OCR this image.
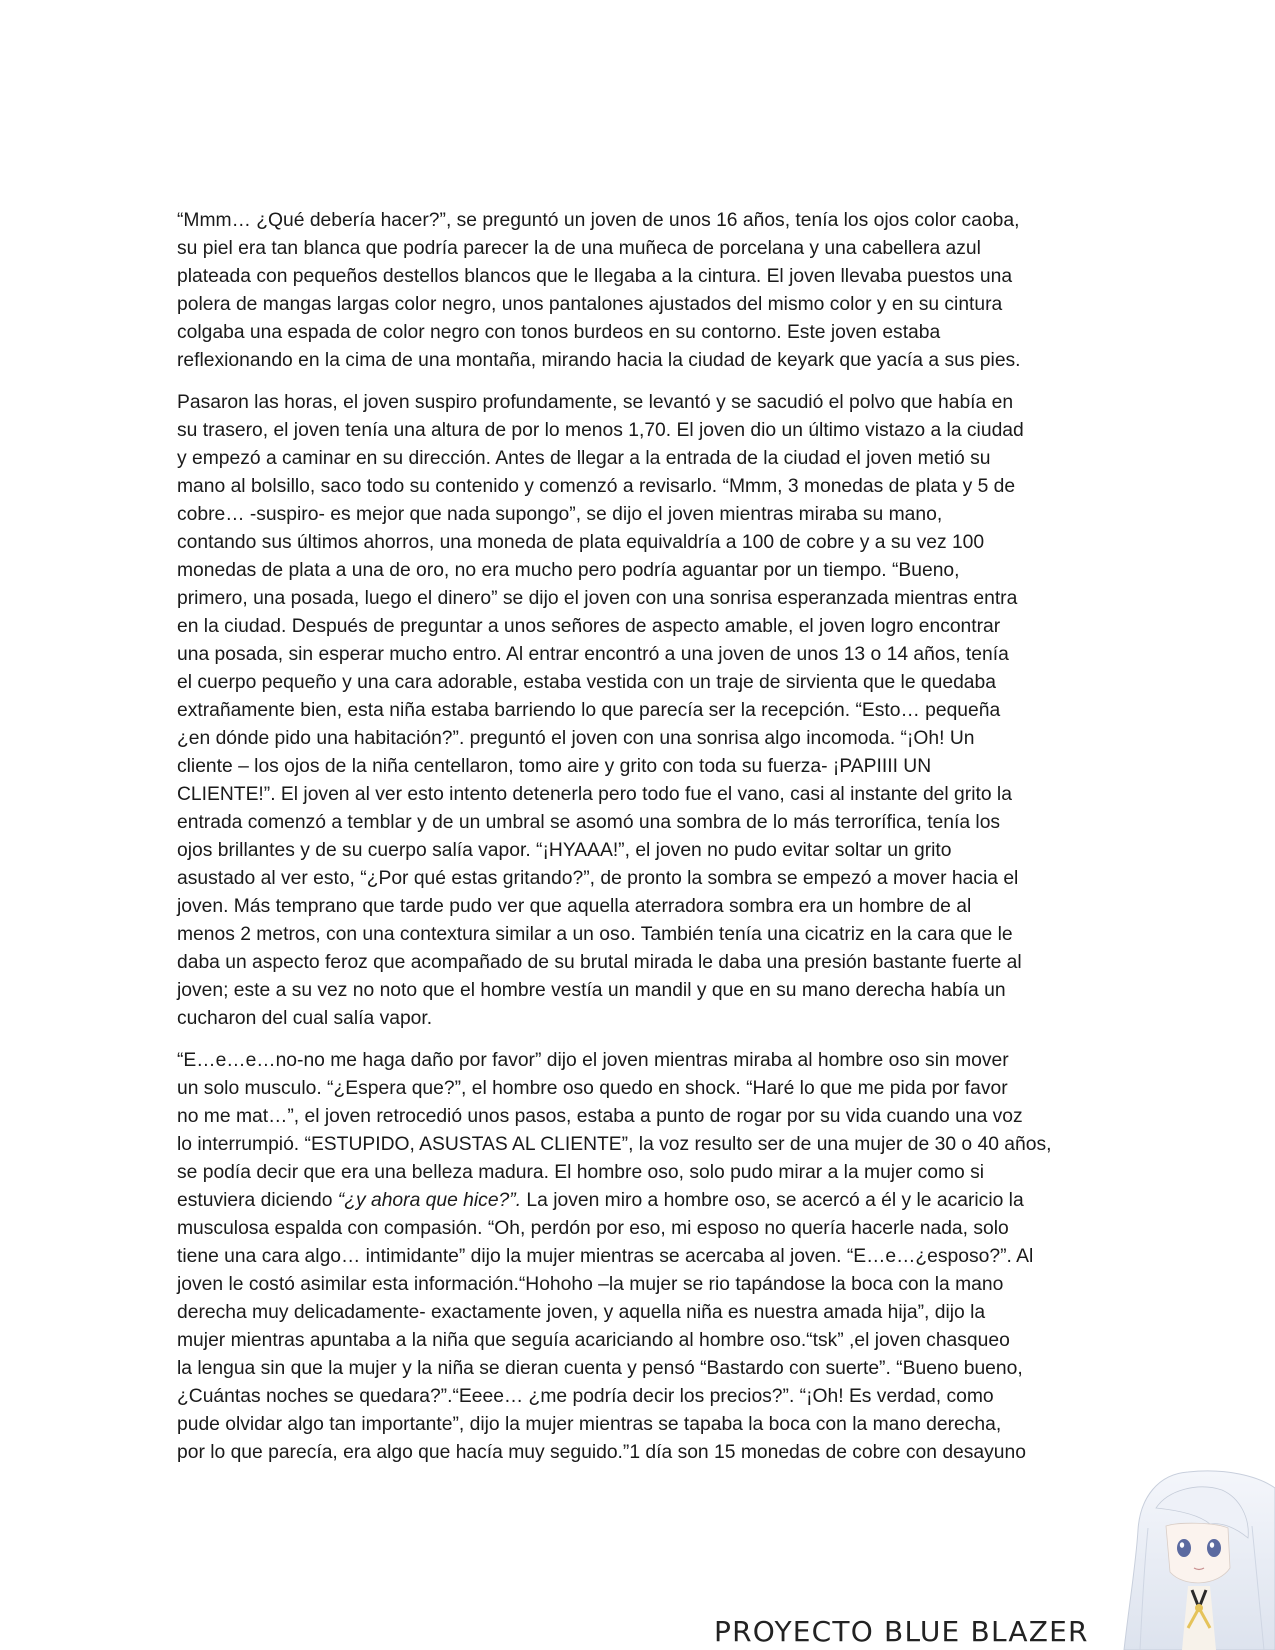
“Mmm… ¿Qué debería hacer?”, se preguntó un joven de unos 16 años, tenía los ojos color caoba,
su piel era tan blanca que podría parecer la de una muñeca de porcelana y una cabellera azul
plateada con pequeños destellos blancos que le llegaba a la cintura. El joven llevaba puestos una
polera de mangas largas color negro, unos pantalones ajustados del mismo color y en su cintura
colgaba una espada de color negro con tonos burdeos en su contorno. Este joven estaba
reflexionando en la cima de una montaña, mirando hacia la ciudad de keyark que yacía a sus pies.
Pasaron las horas, el joven suspiro profundamente, se levantó y se sacudió el polvo que había en
su trasero, el joven tenía una altura de por lo menos 1,70. El joven dio un último vistazo a la ciudad
y empezó a caminar en su dirección. Antes de llegar a la entrada de la ciudad el joven metió su
mano al bolsillo, saco todo su contenido y comenzó a revisarlo. “Mmm, 3 monedas de plata y 5 de
cobre… -suspiro- es mejor que nada supongo”, se dijo el joven mientras miraba su mano,
contando sus últimos ahorros, una moneda de plata equivaldría a 100 de cobre y a su vez 100
monedas de plata a una de oro, no era mucho pero podría aguantar por un tiempo. “Bueno,
primero, una posada, luego el dinero” se dijo el joven con una sonrisa esperanzada mientras entra
en la ciudad. Después de preguntar a unos señores de aspecto amable, el joven logro encontrar
una posada, sin esperar mucho entro. Al entrar encontró a una joven de unos 13 o 14 años, tenía
el cuerpo pequeño y una cara adorable, estaba vestida con un traje de sirvienta que le quedaba
extrañamente bien, esta niña estaba barriendo lo que parecía ser la recepción. “Esto… pequeña
¿en dónde pido una habitación?”. preguntó el joven con una sonrisa algo incomoda. “¡Oh! Un
cliente – los ojos de la niña centellaron, tomo aire y grito con toda su fuerza- ¡PAPIIII UN
CLIENTE!”. El joven al ver esto intento detenerla pero todo fue el vano, casi al instante del grito la
entrada comenzó a temblar y de un umbral se asomó una sombra de lo más terrorífica, tenía los
ojos brillantes y de su cuerpo salía vapor. “¡HYAAA!”, el joven no pudo evitar soltar un grito
asustado al ver esto, “¿Por qué estas gritando?”, de pronto la sombra se empezó a mover hacia el
joven. Más temprano que tarde pudo ver que aquella aterradora sombra era un hombre de al
menos 2 metros, con una contextura similar a un oso. También tenía una cicatriz en la cara que le
daba un aspecto feroz que acompañado de su brutal mirada le daba una presión bastante fuerte al
joven; este a su vez no noto que el hombre vestía un mandil y que en su mano derecha había un
cucharon del cual salía vapor.
“E…e…e…no-no me haga daño por favor” dijo el joven mientras miraba al hombre oso sin mover
un solo musculo. “¿Espera que?”, el hombre oso quedo en shock. “Haré lo que me pida por favor
no me mat…”, el joven retrocedió unos pasos, estaba a punto de rogar por su vida cuando una voz
lo interrumpió. “ESTUPIDO, ASUSTAS AL CLIENTE”, la voz resulto ser de una mujer de 30 o 40 años,
se podía decir que era una belleza madura. El hombre oso, solo pudo mirar a la mujer como si
estuviera diciendo “¿y ahora que hice?”. La joven miro a hombre oso, se acercó a él y le acaricio la
musculosa espalda con compasión. “Oh, perdón por eso, mi esposo no quería hacerle nada, solo
tiene una cara algo… intimidante” dijo la mujer mientras se acercaba al joven. “E…e…¿esposo?”. Al
joven le costó asimilar esta información.“Hohoho –la mujer se rio tapándose la boca con la mano
derecha muy delicadamente- exactamente joven, y aquella niña es nuestra amada hija”, dijo la
mujer mientras apuntaba a la niña que seguía acariciando al hombre oso.“tsk” ,el joven chasqueo
la lengua sin que la mujer y la niña se dieran cuenta y pensó “Bastardo con suerte”. “Bueno bueno,
¿Cuántas noches se quedara?”.“Eeee… ¿me podría decir los precios?”. “¡Oh! Es verdad, como
pude olvidar algo tan importante”, dijo la mujer mientras se tapaba la boca con la mano derecha,
por lo que parecía, era algo que hacía muy seguido.”1 día son 15 monedas de cobre con desayuno
PROYECTO BLUE BLAZER
